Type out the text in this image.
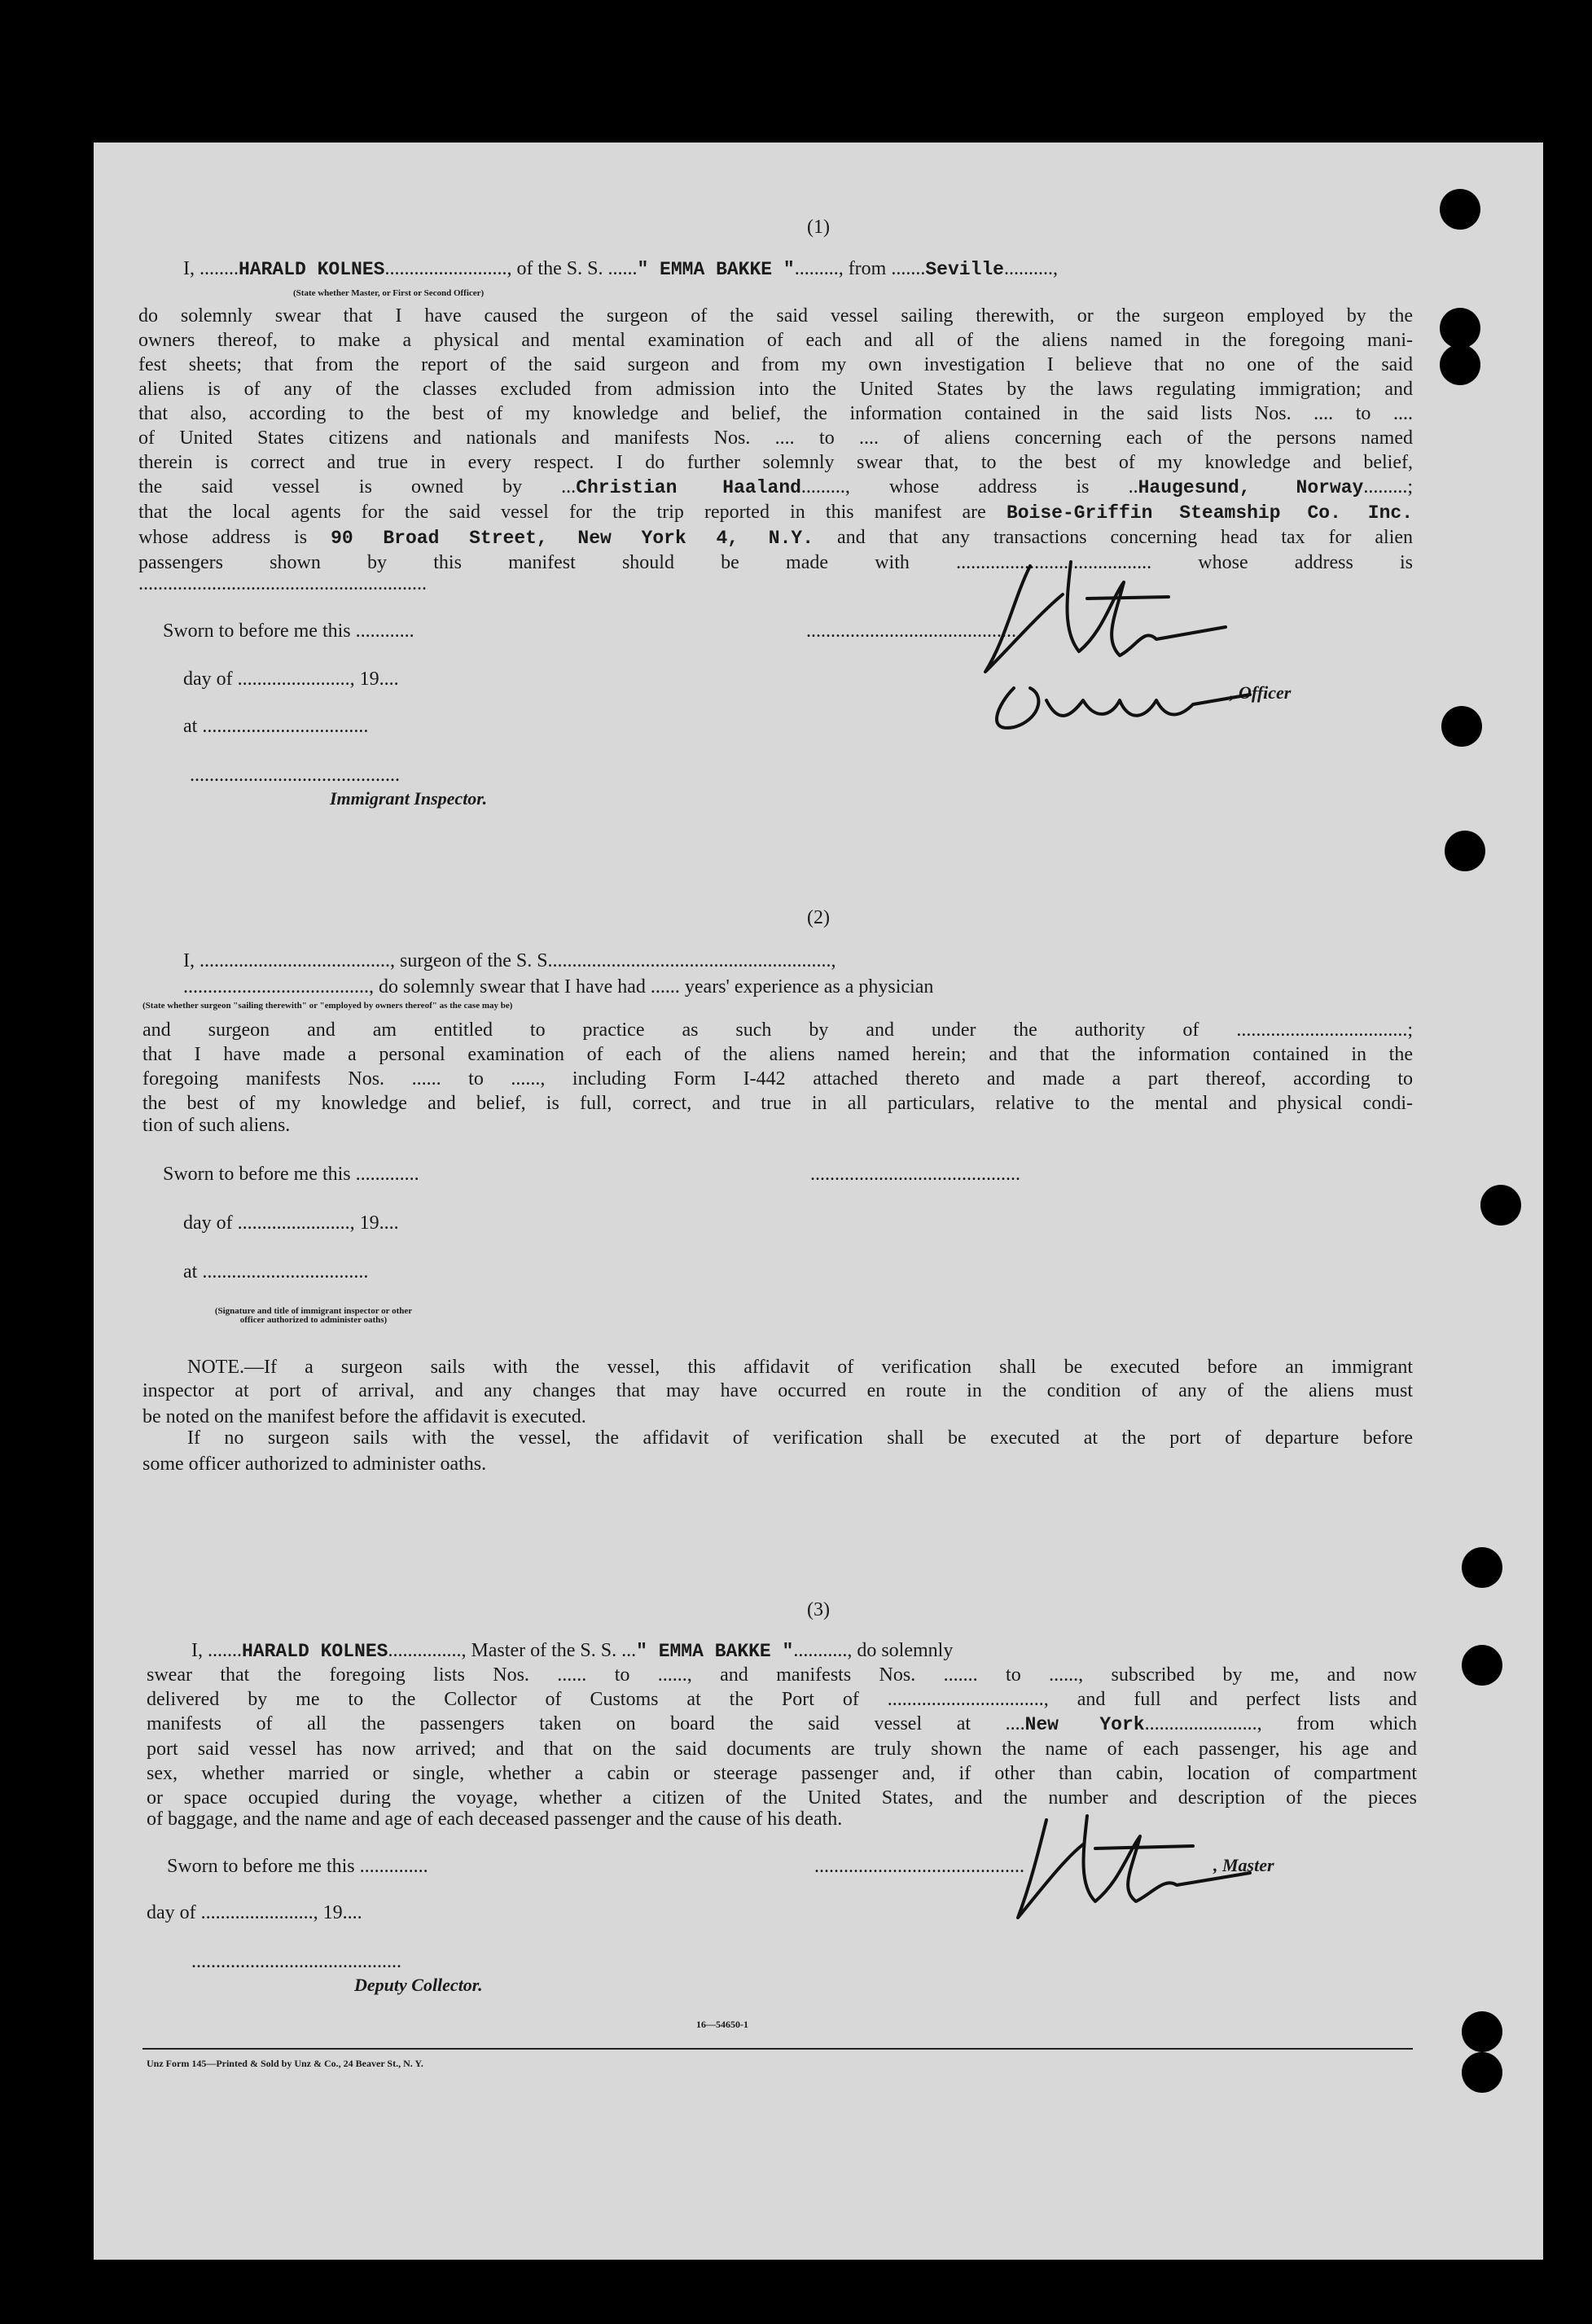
(1)
I, ........HARALD KOLNES........................., of the S. S. ......" EMMA BAKKE "........., from .......Seville..........,
(State whether Master, or First or Second Officer)
do solemnly swear that I have caused the surgeon of the said vessel sailing therewith, or the surgeon employed by the
owners thereof, to make a physical and mental examination of each and all of the aliens named in the foregoing mani-
fest sheets; that from the report of the said surgeon and from my own investigation I believe that no one of the said
aliens is of any of the classes excluded from admission into the United States by the laws regulating immigration; and
that also, according to the best of my knowledge and belief, the information contained in the said lists Nos. .... to ....
of United States citizens and nationals and manifests Nos. .... to .... of aliens concerning each of the persons named
therein is correct and true in every respect. I do further solemnly swear that, to the best of my knowledge and belief,
the said vessel is owned by ...Christian Haaland........., whose address is ..Haugesund, Norway.........;
that the local agents for the said vessel for the trip reported in this manifest are Boise-Griffin Steamship Co. Inc.
whose address is 90 Broad Street, New York 4, N.Y. and that any transactions concerning head tax for alien
passengers shown by this manifest should be made with ........................................ whose address is
...........................................................
Sworn to before me this ............	...........................................
day of ......................., 19....
, Officer
at ..................................
...........................................
Immigrant Inspector.
(2)
I, ......................................., surgeon of the S. S..........................................................,
......................................, do solemnly swear that I have had ...... years' experience as a physician
(State whether surgeon "sailing therewith" or "employed by owners thereof" as the case may be)
and surgeon and am entitled to practice as such by and under the authority of ...................................;
that I have made a personal examination of each of the aliens named herein; and that the information contained in the
foregoing manifests Nos. ...... to ......, including Form I-442 attached thereto and made a part thereof, according to
the best of my knowledge and belief, is full, correct, and true in all particulars, relative to the mental and physical condi-
tion of such aliens.
Sworn to before me this .............	...........................................
day of ......................., 19....
at ..................................
(Signature and title of immigrant inspector or other officer authorized to administer oaths)
NOTE.—If a surgeon sails with the vessel, this affidavit of verification shall be executed before an immigrant
inspector at port of arrival, and any changes that may have occurred en route in the condition of any of the aliens must
be noted on the manifest before the affidavit is executed.
If no surgeon sails with the vessel, the affidavit of verification shall be executed at the port of departure before
some officer authorized to administer oaths.
(3)
I, .......HARALD KOLNES..............., Master of the S. S. ..." EMMA BAKKE "..........., do solemnly
swear that the foregoing lists Nos. ...... to ......, and manifests Nos. ....... to ......, subscribed by me, and now
delivered by me to the Collector of Customs at the Port of ................................, and full and perfect lists and
manifests of all the passengers taken on board the said vessel at ....New York......................., from which
port said vessel has now arrived; and that on the said documents are truly shown the name of each passenger, his age and
sex, whether married or single, whether a cabin or steerage passenger and, if other than cabin, location of compartment
or space occupied during the voyage, whether a citizen of the United States, and the number and description of the pieces
of baggage, and the name and age of each deceased passenger and the cause of his death.
Sworn to before me this ..............	...........................................	, Master
day of ......................., 19....
...........................................
Deputy Collector.
16—54650-1
Unz Form 145—Printed & Sold by Unz & Co., 24 Beaver St., N. Y.
